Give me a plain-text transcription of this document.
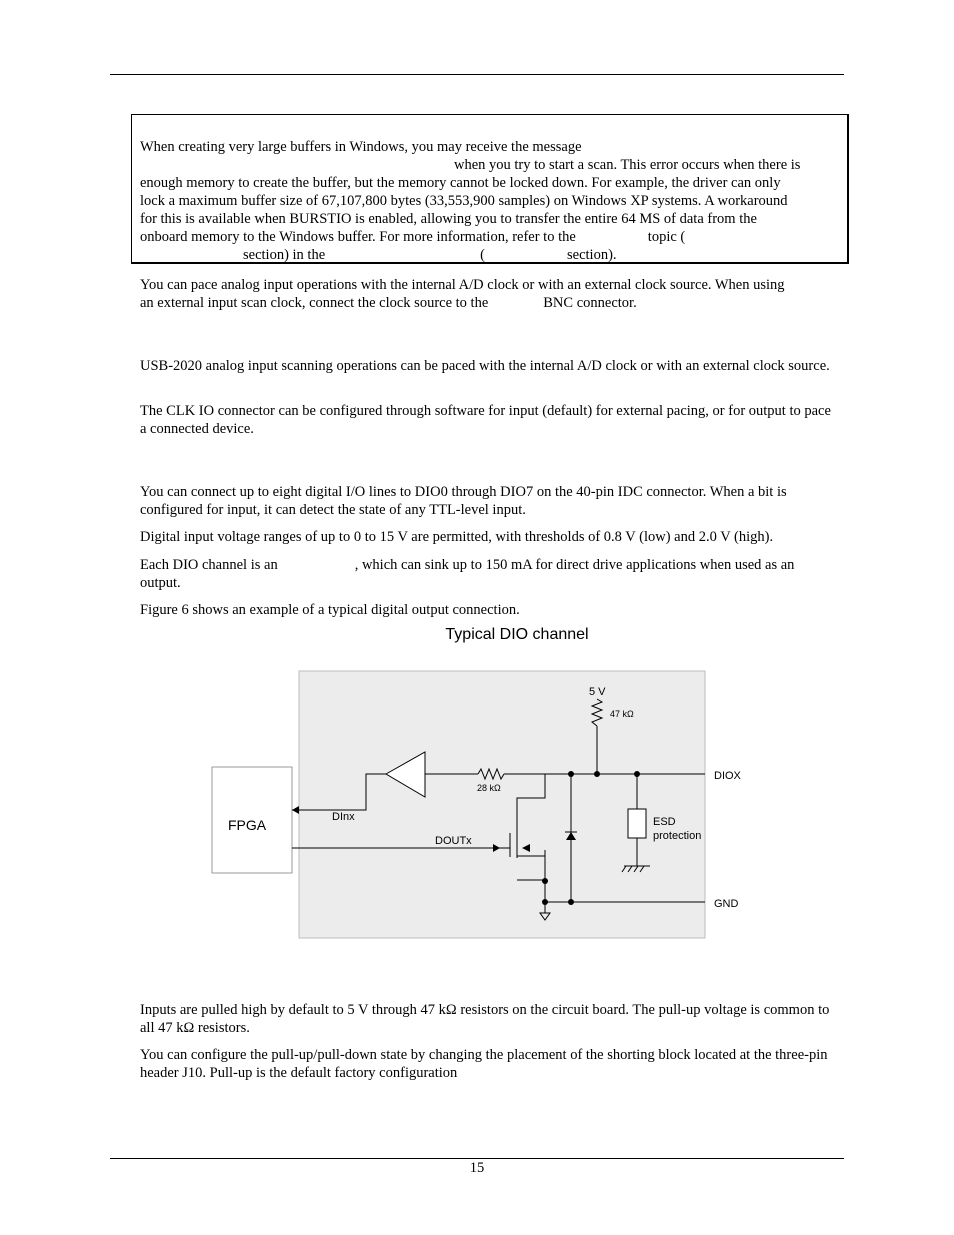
When creating very large buffers in Windows, you may receive the message

when you try to start a scan. This error occurs when there is

enough memory to create the buffer, but the memory cannot be locked down. For example, the driver can only

lock a maximum buffer size of 67,107,800 bytes (33,553,900 samples) on Windows XP systems. A workaround

for this is available when BURSTIO is enabled, allowing you to transfer the entire 64 MS of data from the

onboard memory to the Windows buffer. For more information, refer to the	topic (

section) in the	(	section).

You can pace analog input operations with the internal A/D clock or with an external clock source. When using

an external input scan clock, connect the clock source to the	BNC connector.

USB-2020 analog input scanning operations can be paced with the internal A/D clock or with an external clock source.

The CLK IO connector can be configured through software for input (default) for external pacing, or for output to pace a connected device.

You can connect up to eight digital I/O lines to DIO0 through DIO7 on the 40-pin IDC connector. When a bit is configured for input, it can detect the state of any TTL-level input.

Digital input voltage ranges of up to 0 to 15 V are permitted, with thresholds of 0.8 V (low) and 2.0 V (high).

Each DIO channel is an	, which can sink up to 150 mA for direct drive applications when used as an

output.

Figure 6 shows an example of a typical digital output connection.

Typical DIO channel
FPGA
5 V
47 kΩ
28 kΩ
DInx
DOUTx
DIOX
ESD
protection
GND

Inputs are pulled high by default to 5 V through 47 kΩ resistors on the circuit board. The pull-up voltage is common to all 47 kΩ resistors.

You can configure the pull-up/pull-down state by changing the placement of the shorting block located at the three-pin header J10. Pull-up is the default factory configuration

15
